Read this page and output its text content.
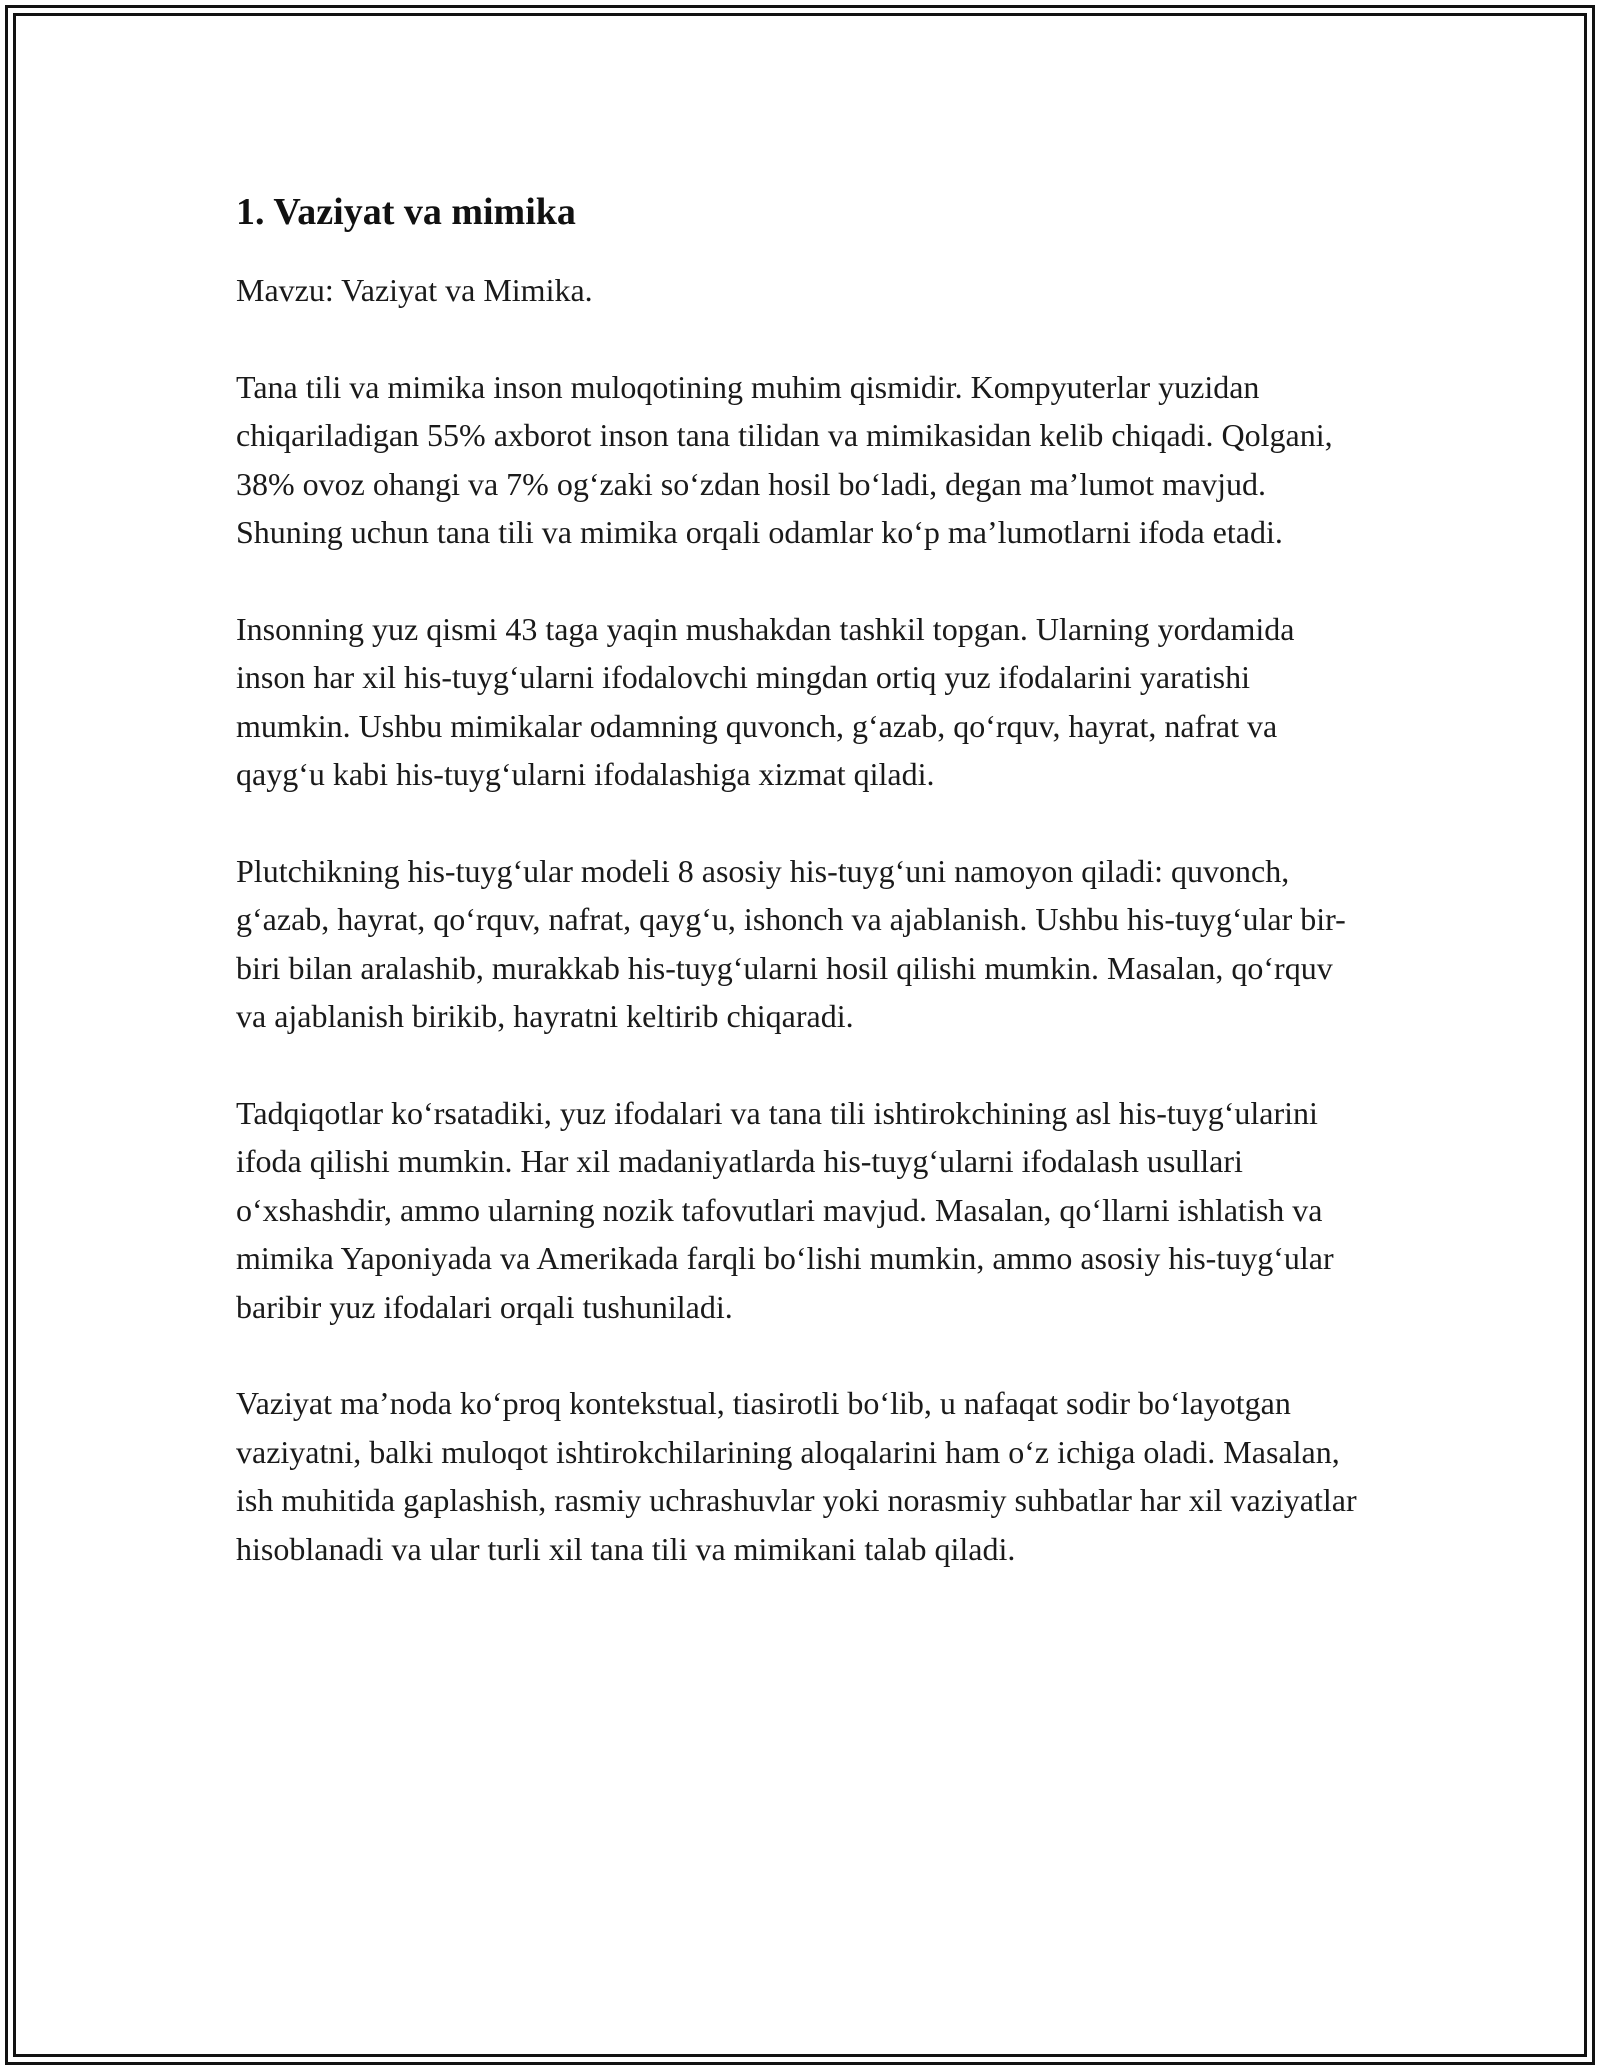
1. Vaziyat va mimika

Mavzu: Vaziyat va Mimika.

Tana tili va mimika inson muloqotining muhim qismidir. Kompyuterlar yuzidan chiqariladigan 55% axborot inson tana tilidan va mimikasidan kelib chiqadi. Qolgani, 38% ovoz ohangi va 7% og‘zaki so‘zdan hosil bo‘ladi, degan ma’lumot mavjud. Shuning uchun tana tili va mimika orqali odamlar ko‘p ma’lumotlarni ifoda etadi.

Insonning yuz qismi 43 taga yaqin mushakdan tashkil topgan. Ularning yordamida inson har xil his-tuyg‘ularni ifodalovchi mingdan ortiq yuz ifodalarini yaratishi mumkin. Ushbu mimikalar odamning quvonch, g‘azab, qo‘rquv, hayrat, nafrat va qayg‘u kabi his-tuyg‘ularni ifodalashiga xizmat qiladi.

Plutchikning his-tuyg‘ular modeli 8 asosiy his-tuyg‘uni namoyon qiladi: quvonch, g‘azab, hayrat, qo‘rquv, nafrat, qayg‘u, ishonch va ajablanish. Ushbu his-tuyg‘ular bir-biri bilan aralashib, murakkab his-tuyg‘ularni hosil qilishi mumkin. Masalan, qo‘rquv va ajablanish birikib, hayratni keltirib chiqaradi.

Tadqiqotlar ko‘rsatadiki, yuz ifodalari va tana tili ishtirokchining asl his-tuyg‘ularini ifoda qilishi mumkin. Har xil madaniyatlarda his-tuyg‘ularni ifodalash usullari o‘xshashdir, ammo ularning nozik tafovutlari mavjud. Masalan, qo‘llarni ishlatish va mimika Yaponiyada va Amerikada farqli bo‘lishi mumkin, ammo asosiy his-tuyg‘ular baribir yuz ifodalari orqali tushuniladi.

Vaziyat ma’noda ko‘proq kontekstual, tiasirotli bo‘lib, u nafaqat sodir bo‘layotgan vaziyatni, balki muloqot ishtirokchilarining aloqalarini ham o‘z ichiga oladi. Masalan, ish muhitida gaplashish, rasmiy uchrashuvlar yoki norasmiy suhbatlar har xil vaziyatlar hisoblanadi va ular turli xil tana tili va mimikani talab qiladi.
